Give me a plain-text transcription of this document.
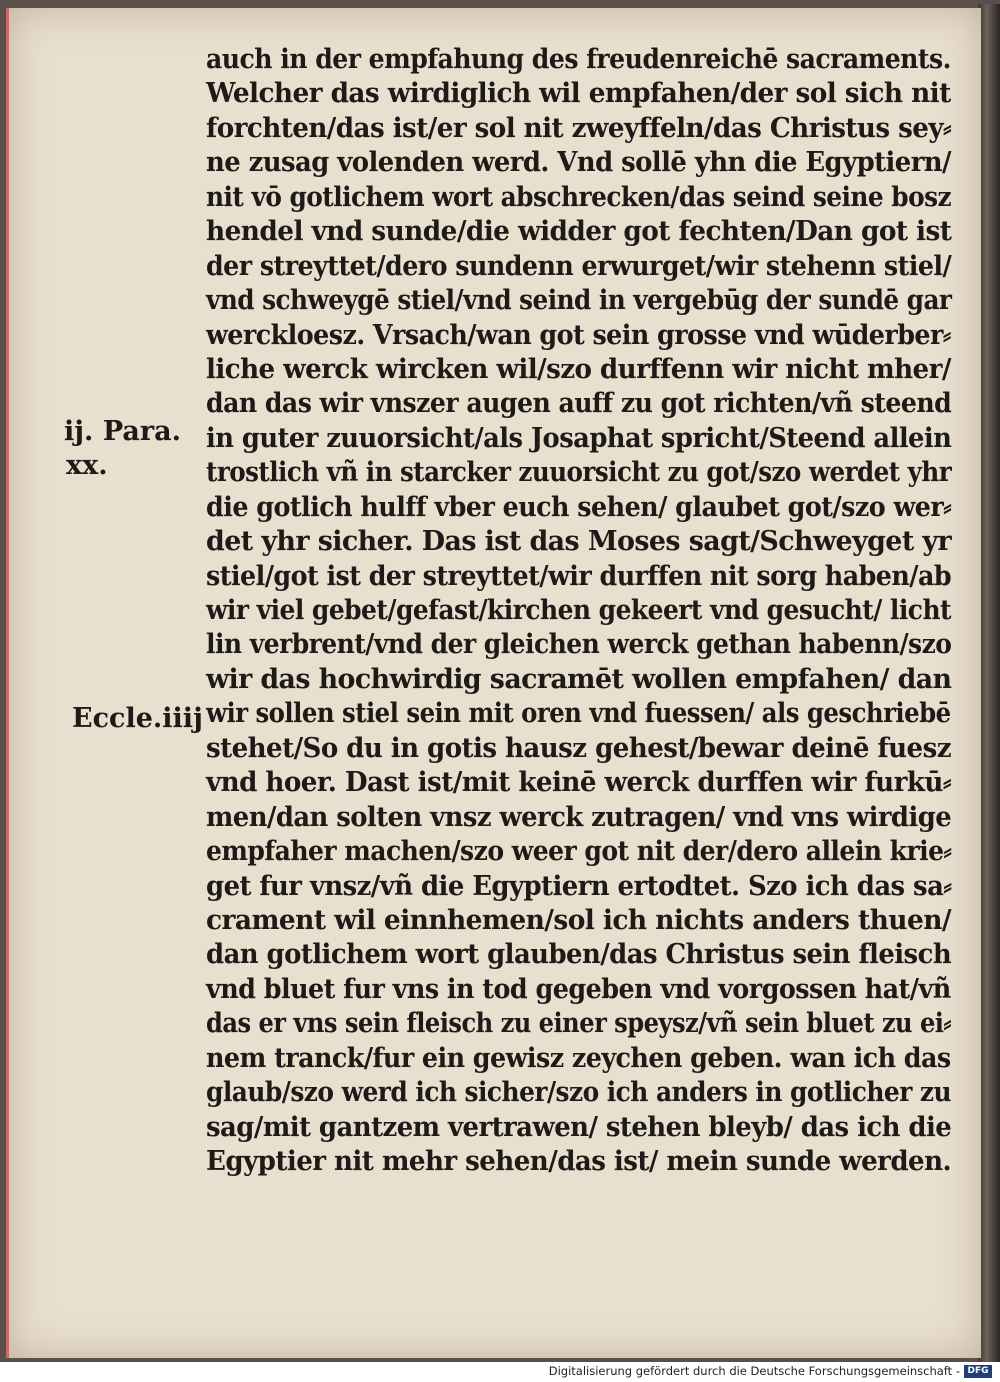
ij. Para.
xx.
Eccle.iiij
auch in der empfahung des freudenreichē sacraments.
Welcher das wirdiglich wil empfahen/der sol sich nit
forchten/das ist/er sol nit zweyffeln/das Christus sey⸗
ne zusag volenden werd. Vnd sollē yhn die Egyptiern/
nit vō gotlichem wort abschrecken/das seind seine bosz
hendel vnd sunde/die widder got fechten/Dan got ist
der streyttet/dero sundenn erwurget/wir stehenn stiel/
vnd schweygē stiel/vnd seind in vergebūg der sundē gar
werckloesz. Vrsach/wan got sein grosse vnd wūderber⸗
liche werck wircken wil/szo durffenn wir nicht mher/
dan das wir vnszer augen auff zu got richten/vñ steend
in guter zuuorsicht/als Josaphat spricht/Steend allein
trostlich vñ in starcker zuuorsicht zu got/szo werdet yhr
die gotlich hulff vber euch sehen/ glaubet got/szo wer⸗
det yhr sicher. Das ist das Moses sagt/Schweyget yr
stiel/got ist der streyttet/wir durffen nit sorg haben/ab
wir viel gebet/gefast/kirchen gekeert vnd gesucht/ licht
lin verbrent/vnd der gleichen werck gethan habenn/szo
wir das hochwirdig sacramēt wollen empfahen/ dan
wir sollen stiel sein mit oren vnd fuessen/ als geschriebē
stehet/So du in gotis hausz gehest/bewar deinē fuesz
vnd hoer. Dast ist/mit keinē werck durffen wir furkū⸗
men/dan solten vnsz werck zutragen/ vnd vns wirdige
empfaher machen/szo weer got nit der/dero allein krie⸗
get fur vnsz/vñ die Egyptiern ertodtet. Szo ich das sa⸗
crament wil einnhemen/sol ich nichts anders thuen/
dan gotlichem wort glauben/das Christus sein fleisch
vnd bluet fur vns in tod gegeben vnd vorgossen hat/vñ
das er vns sein fleisch zu einer speysz/vñ sein bluet zu ei⸗
nem tranck/fur ein gewisz zeychen geben. wan ich das
glaub/szo werd ich sicher/szo ich anders in gotlicher zu
sag/mit gantzem vertrawen/ stehen bleyb/ das ich die
Egyptier nit mehr sehen/das ist/ mein sunde werden.
Digitalisierung gefördert durch die Deutsche Forschungsgemeinschaft - DFG
